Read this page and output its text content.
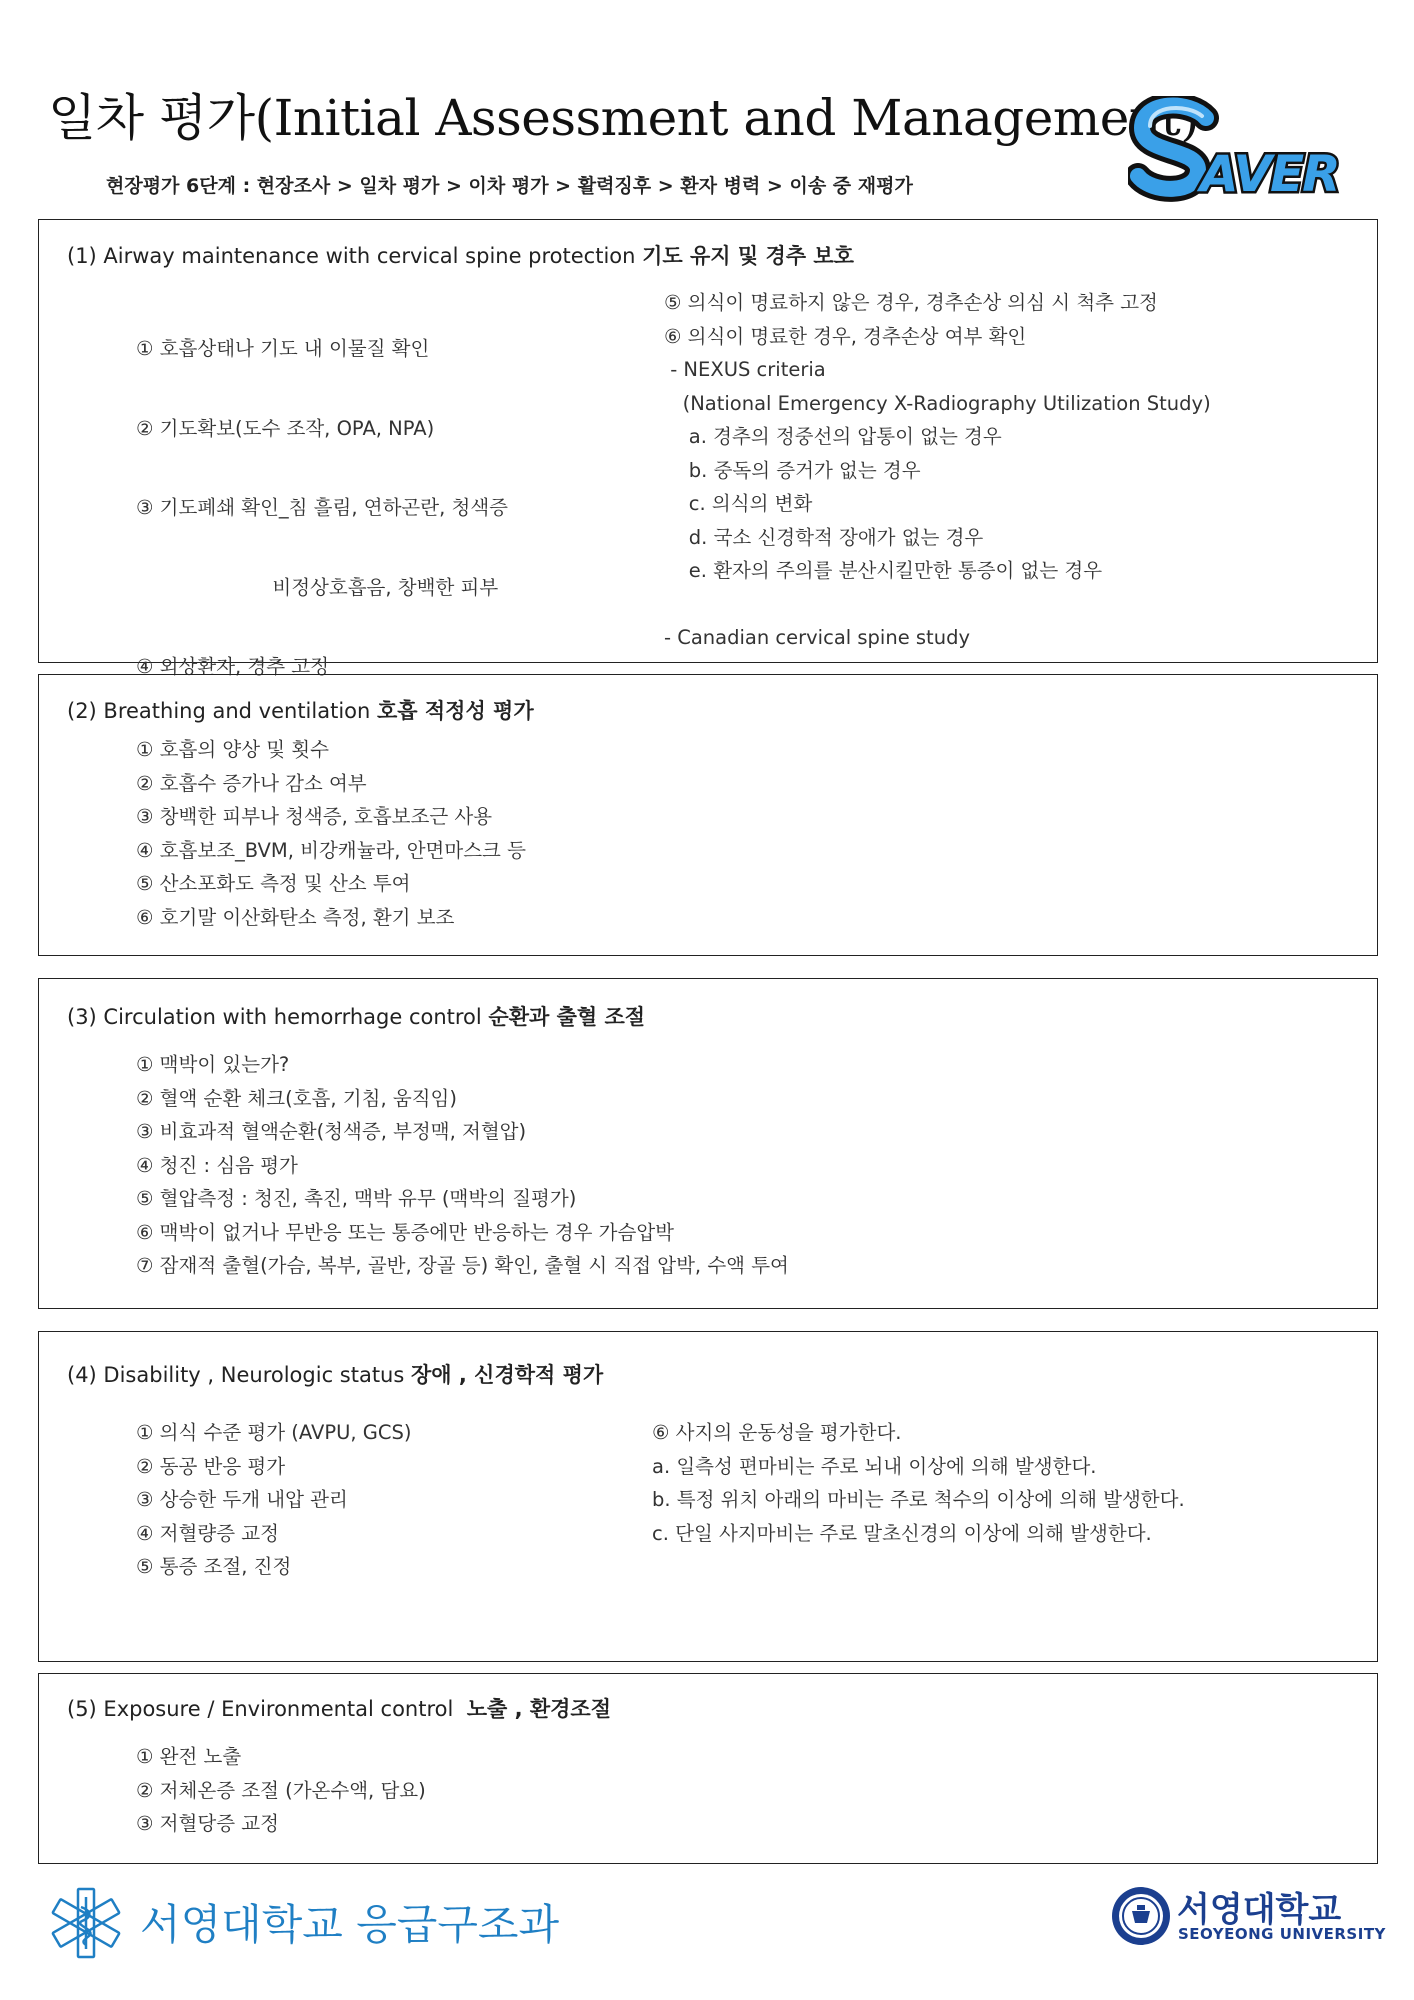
일차 평가(Initial Assessment and Management)
현장평가 6단계 : 현장조사 > 일차 평가 > 이차 평가 > 활력징후 > 환자 병력 > 이송 중 재평가	AVER
(1) Airway maintenance with cervical spine protection 기도 유지 및 경추 보호

① 호흡상태나 기도 내 이물질 확인

② 기도확보(도수 조작, OPA, NPA)

③ 기도폐쇄 확인_침 흘림, 연하곤란, 청색증

비정상호흡음, 창백한 피부

④ 외상환자, 경추 고정

⑤ 의식이 명료하지 않은 경우, 경추손상 의심 시 척추 고정
⑥ 의식이 명료한 경우, 경추손상 여부 확인
- NEXUS criteria
(National Emergency X-Radiography Utilization Study)
a. 경추의 정중선의 압통이 없는 경우
b. 중독의 증거가 없는 경우
c. 의식의 변화
d. 국소 신경학적 장애가 없는 경우
e. 환자의 주의를 분산시킬만한 통증이 없는 경우
- Canadian cervical spine study
(2) Breathing and ventilation 호흡 적정성 평가
① 호흡의 양상 및 횟수
② 호흡수 증가나 감소 여부
③ 창백한 피부나 청색증, 호흡보조근 사용
④ 호흡보조_BVM, 비강캐뉼라, 안면마스크 등
⑤ 산소포화도 측정 및 산소 투여
⑥ 호기말 이산화탄소 측정, 환기 보조
(3) Circulation with hemorrhage control 순환과 출혈 조절
① 맥박이 있는가?
② 혈액 순환 체크(호흡, 기침, 움직임)
③ 비효과적 혈액순환(청색증, 부정맥, 저혈압)
④ 청진 : 심음 평가
⑤ 혈압측정 : 청진, 촉진, 맥박 유무 (맥박의 질평가)
⑥ 맥박이 없거나 무반응 또는 통증에만 반응하는 경우 가슴압박
⑦ 잠재적 출혈(가슴, 복부, 골반, 장골 등) 확인, 출혈 시 직접 압박, 수액 투여
(4) Disability , Neurologic status 장애 , 신경학적 평가
① 의식 수준 평가 (AVPU, GCS)
② 동공 반응 평가
③ 상승한 두개 내압 관리
④ 저혈량증 교정
⑤ 통증 조절, 진정
⑥ 사지의 운동성을 평가한다.
a. 일측성 편마비는 주로 뇌내 이상에 의해 발생한다.
b. 특정 위치 아래의 마비는 주로 척수의 이상에 의해 발생한다.
c. 단일 사지마비는 주로 말초신경의 이상에 의해 발생한다.
(5) Exposure / Environmental control  노출 , 환경조절
① 완전 노출
② 저체온증 조절 (가온수액, 담요)
③ 저혈당증 교정
서영대학교 응급구조과	서영대학교
SEOYEONG UNIVERSITY
